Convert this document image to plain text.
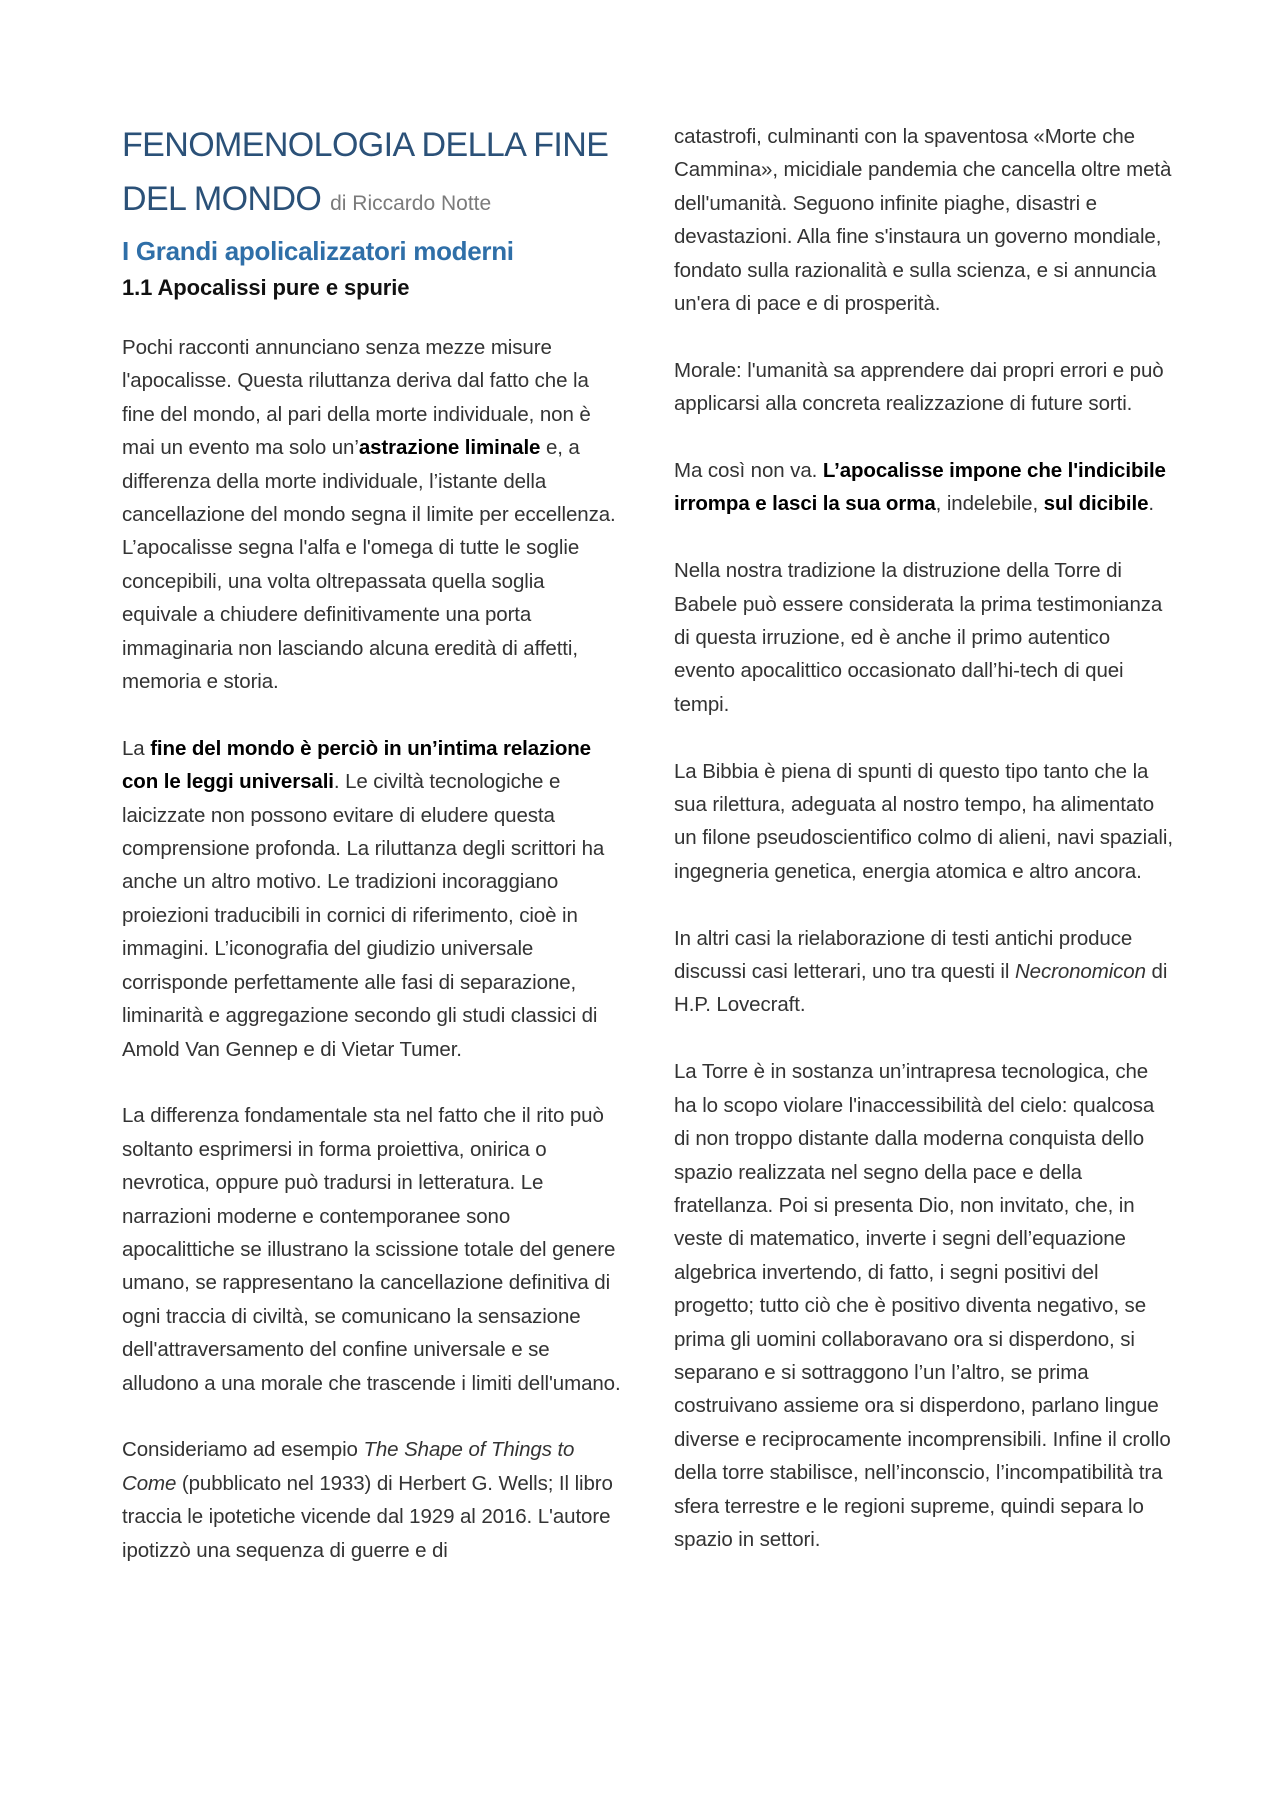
FENOMENOLOGIA DELLA FINE
DEL MONDO di Riccardo Notte
I Grandi apolicalizzatori moderni
1.1 Apocalissi pure e spurie

Pochi racconti annunciano senza mezze misure l'apocalisse. Questa riluttanza deriva dal fatto che la fine del mondo, al pari della morte individuale, non è mai un evento ma solo un’astrazione liminale e, a differenza della morte individuale, l’istante della cancellazione del mondo segna il limite per eccellenza.

L’apocalisse segna l'alfa e l'omega di tutte le soglie concepibili, una volta oltrepassata quella soglia equivale a chiudere definitivamente una porta immaginaria non lasciando alcuna eredità di affetti, memoria e storia.

La fine del mondo è perciò in un’intima relazione con le leggi universali. Le civiltà tecnologiche e laicizzate non possono evitare di eludere questa comprensione profonda. La riluttanza degli scrittori ha anche un altro motivo. Le tradizioni incoraggiano proiezioni traducibili in cornici di riferimento, cioè in immagini. L’iconografia del giudizio universale corrisponde perfettamente alle fasi di separazione, liminarità e aggregazione secondo gli studi classici di Amold Van Gennep e di Vietar Tumer.

La differenza fondamentale sta nel fatto che il rito può soltanto esprimersi in forma proiettiva, onirica o nevrotica, oppure può tradursi in letteratura. Le narrazioni moderne e contemporanee sono apocalittiche se illustrano la scissione totale del genere umano, se rappresentano la cancellazione definitiva di ogni traccia di civiltà, se comunicano la sensazione dell'attraversamento del confine universale e se alludono a una morale che trascende i limiti dell'umano.

Consideriamo ad esempio The Shape of Things to Come (pubblicato nel 1933) di Herbert G. Wells; Il libro traccia le ipotetiche vicende dal 1929 al 2016. L'autore ipotizzò una sequenza di guerre e di

catastrofi, culminanti con la spaventosa «Morte che Cammina», micidiale pandemia che cancella oltre metà dell'umanità. Seguono infinite piaghe, disastri e devastazioni. Alla fine s'instaura un governo mondiale, fondato sulla razionalità e sulla scienza, e si annuncia un'era di pace e di prosperità.

Morale: l'umanità sa apprendere dai propri errori e può applicarsi alla concreta realizzazione di future sorti.

Ma così non va. L’apocalisse impone che l'indicibile irrompa e lasci la sua orma, indelebile, sul dicibile.

Nella nostra tradizione la distruzione della Torre di Babele può essere considerata la prima testimonianza di questa irruzione, ed è anche il primo autentico evento apocalittico occasionato dall’hi-tech di quei tempi.

La Bibbia è piena di spunti di questo tipo tanto che la sua rilettura, adeguata al nostro tempo, ha alimentato un filone pseudoscientifico colmo di alieni, navi spaziali, ingegneria genetica, energia atomica e altro ancora.

In altri casi la rielaborazione di testi antichi produce discussi casi letterari, uno tra questi il Necronomicon di H.P. Lovecraft.

La Torre è in sostanza un’intrapresa tecnologica, che ha lo scopo violare l'inaccessibilità del cielo: qualcosa di non troppo distante dalla moderna conquista dello spazio realizzata nel segno della pace e della fratellanza. Poi si presenta Dio, non invitato, che, in veste di matematico, inverte i segni dell’equazione algebrica invertendo, di fatto, i segni positivi del progetto; tutto ciò che è positivo diventa negativo, se prima gli uomini collaboravano ora si disperdono, si separano e si sottraggono l’un l’altro, se prima costruivano assieme ora si disperdono, parlano lingue diverse e reciprocamente incomprensibili. Infine il crollo della torre stabilisce, nell’inconscio, l’incompatibilità tra sfera terrestre e le regioni supreme, quindi separa lo spazio in settori.
